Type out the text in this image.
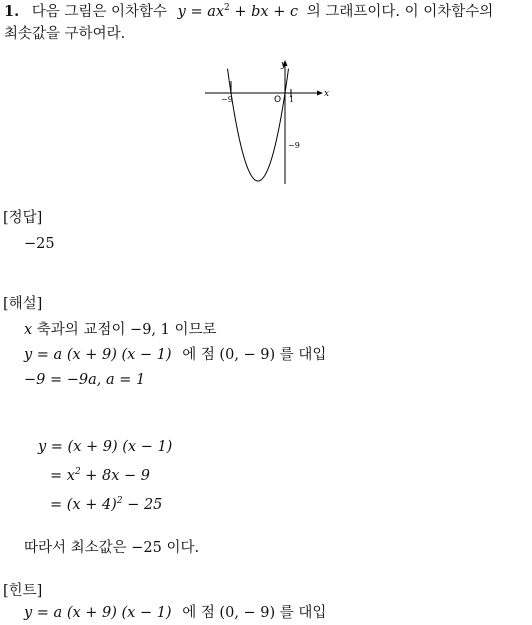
1. 다음 그림은 이차함수 $y = ax^2$ + bx + c 의 그래프이다. 이 이차함수의
최솟값을 구하여라.
−9	1
O
x
y
−9
[정답]
−25
[해설]
x 축과의 교점이 −9, 1 이므로
y = a (x + 9) (x − 1) 에 점 (0, − 9) 를 대입
−9 = −9a, a = 1
y = (x + 9) (x − 1)
= $x^2 + 8x - 9$
= $(x + 4)^2 - 25$
따라서 최소값은 −25 이다.
[힌트]
y = a (x + 9) (x − 1) 에 점 (0, − 9) 를 대입
